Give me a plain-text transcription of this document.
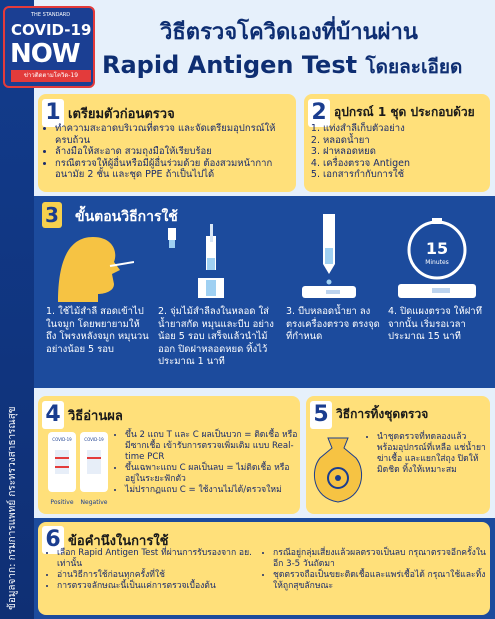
ข้อมูลจาก: กรมการแพทย์ กระทรวงสาธารณสุข
THE STANDARD
COVID-19
NOW
ข่าวติดตามโควิด-19
วิธีตรวจโควิดเองที่บ้านผ่าน
Rapid Antigen Test โดยละเอียด
1 เตรียมตัวก่อนตรวจ
• ทำความสะอาดบริเวณที่ตรวจ และจัดเตรียมอุปกรณ์ให้ครบถ้วน
• ล้างมือให้สะอาด สวมถุงมือให้เรียบร้อย
• กรณีตรวจให้ผู้อื่นหรือมีผู้อื่นร่วมด้วย ต้องสวมหน้ากากอนามัย 2 ชั้น และชุด PPE ถ้าเป็นไปได้
2 อุปกรณ์ 1 ชุด ประกอบด้วย
1. แท่งสำลีเก็บตัวอย่าง
2. หลอดน้ำยา
3. ฝาหลอดหยด
4. เครื่องตรวจ Antigen
5. เอกสารกำกับการใช้
3 ขั้นตอนวิธีการใช้
15
Minutes
1. ใช้ไม้สำลี สอดเข้าไปในจมูก โดยพยายามให้ถึง โพรงหลังจมูก หมุนวนอย่างน้อย 5 รอบ
2. จุ่มไม้สำลีลงในหลอด ใส่น้ำยาสกัด หมุนและบีบ อย่างน้อย 5 รอบ เสร็จแล้วนำไม้ออก ปิดฝาหลอดหยด ทิ้งไว้ประมาณ 1 นาที
3. บีบหลอดน้ำยา ลงตรงเครื่องตรวจ ตรงจุดที่กำหนด
4. ปิดแผงตรวจ ให้ฝาทึ จากนั้น เริ่มรอเวลา ประมาณ 15 นาที
4 วิธีอ่านผล
COVID-19	COVID-19
Positive Negative
• ขึ้น 2 แถบ T และ C ผลเป็นบวก = ติดเชื้อ หรือมีซากเชื้อ เข้ารับการตรวจเพิ่มเติม แบบ Real-time PCR
• ขึ้นเฉพาะแถบ C ผลเป็นลบ = ไม่ติดเชื้อ หรืออยู่ในระยะฟักตัว
• ไม่ปรากฏแถบ C = ใช้งานไม่ได้/ตรวจใหม่
5 วิธีการทิ้งชุดตรวจ
• นำชุดตรวจที่ทดลองแล้ว พร้อมอุปกรณ์ที่เหลือ แช่น้ำยาฆ่าเชื้อ และแยกใส่ถุง ปิดให้มิดชิด ทิ้งให้เหมาะสม
6 ข้อคำนึงในการใช้
• เลือก Rapid Antigen Test ที่ผ่านการรับรองจาก อย. เท่านั้น
• อ่านวิธีการใช้ก่อนทุกครั้งที่ใช้
• การตรวจลักษณะนี้เป็นแค่การตรวจเบื้องต้น
• กรณีอยู่กลุ่มเสี่ยงแล้วผลตรวจเป็นลบ กรุณาตรวจอีกครั้งในอีก 3-5 วันถัดมา
• ชุดตรวจถือเป็นขยะติดเชื้อและแพร่เชื้อได้ กรุณาใช้และทิ้งให้ถูกสุขลักษณะ
